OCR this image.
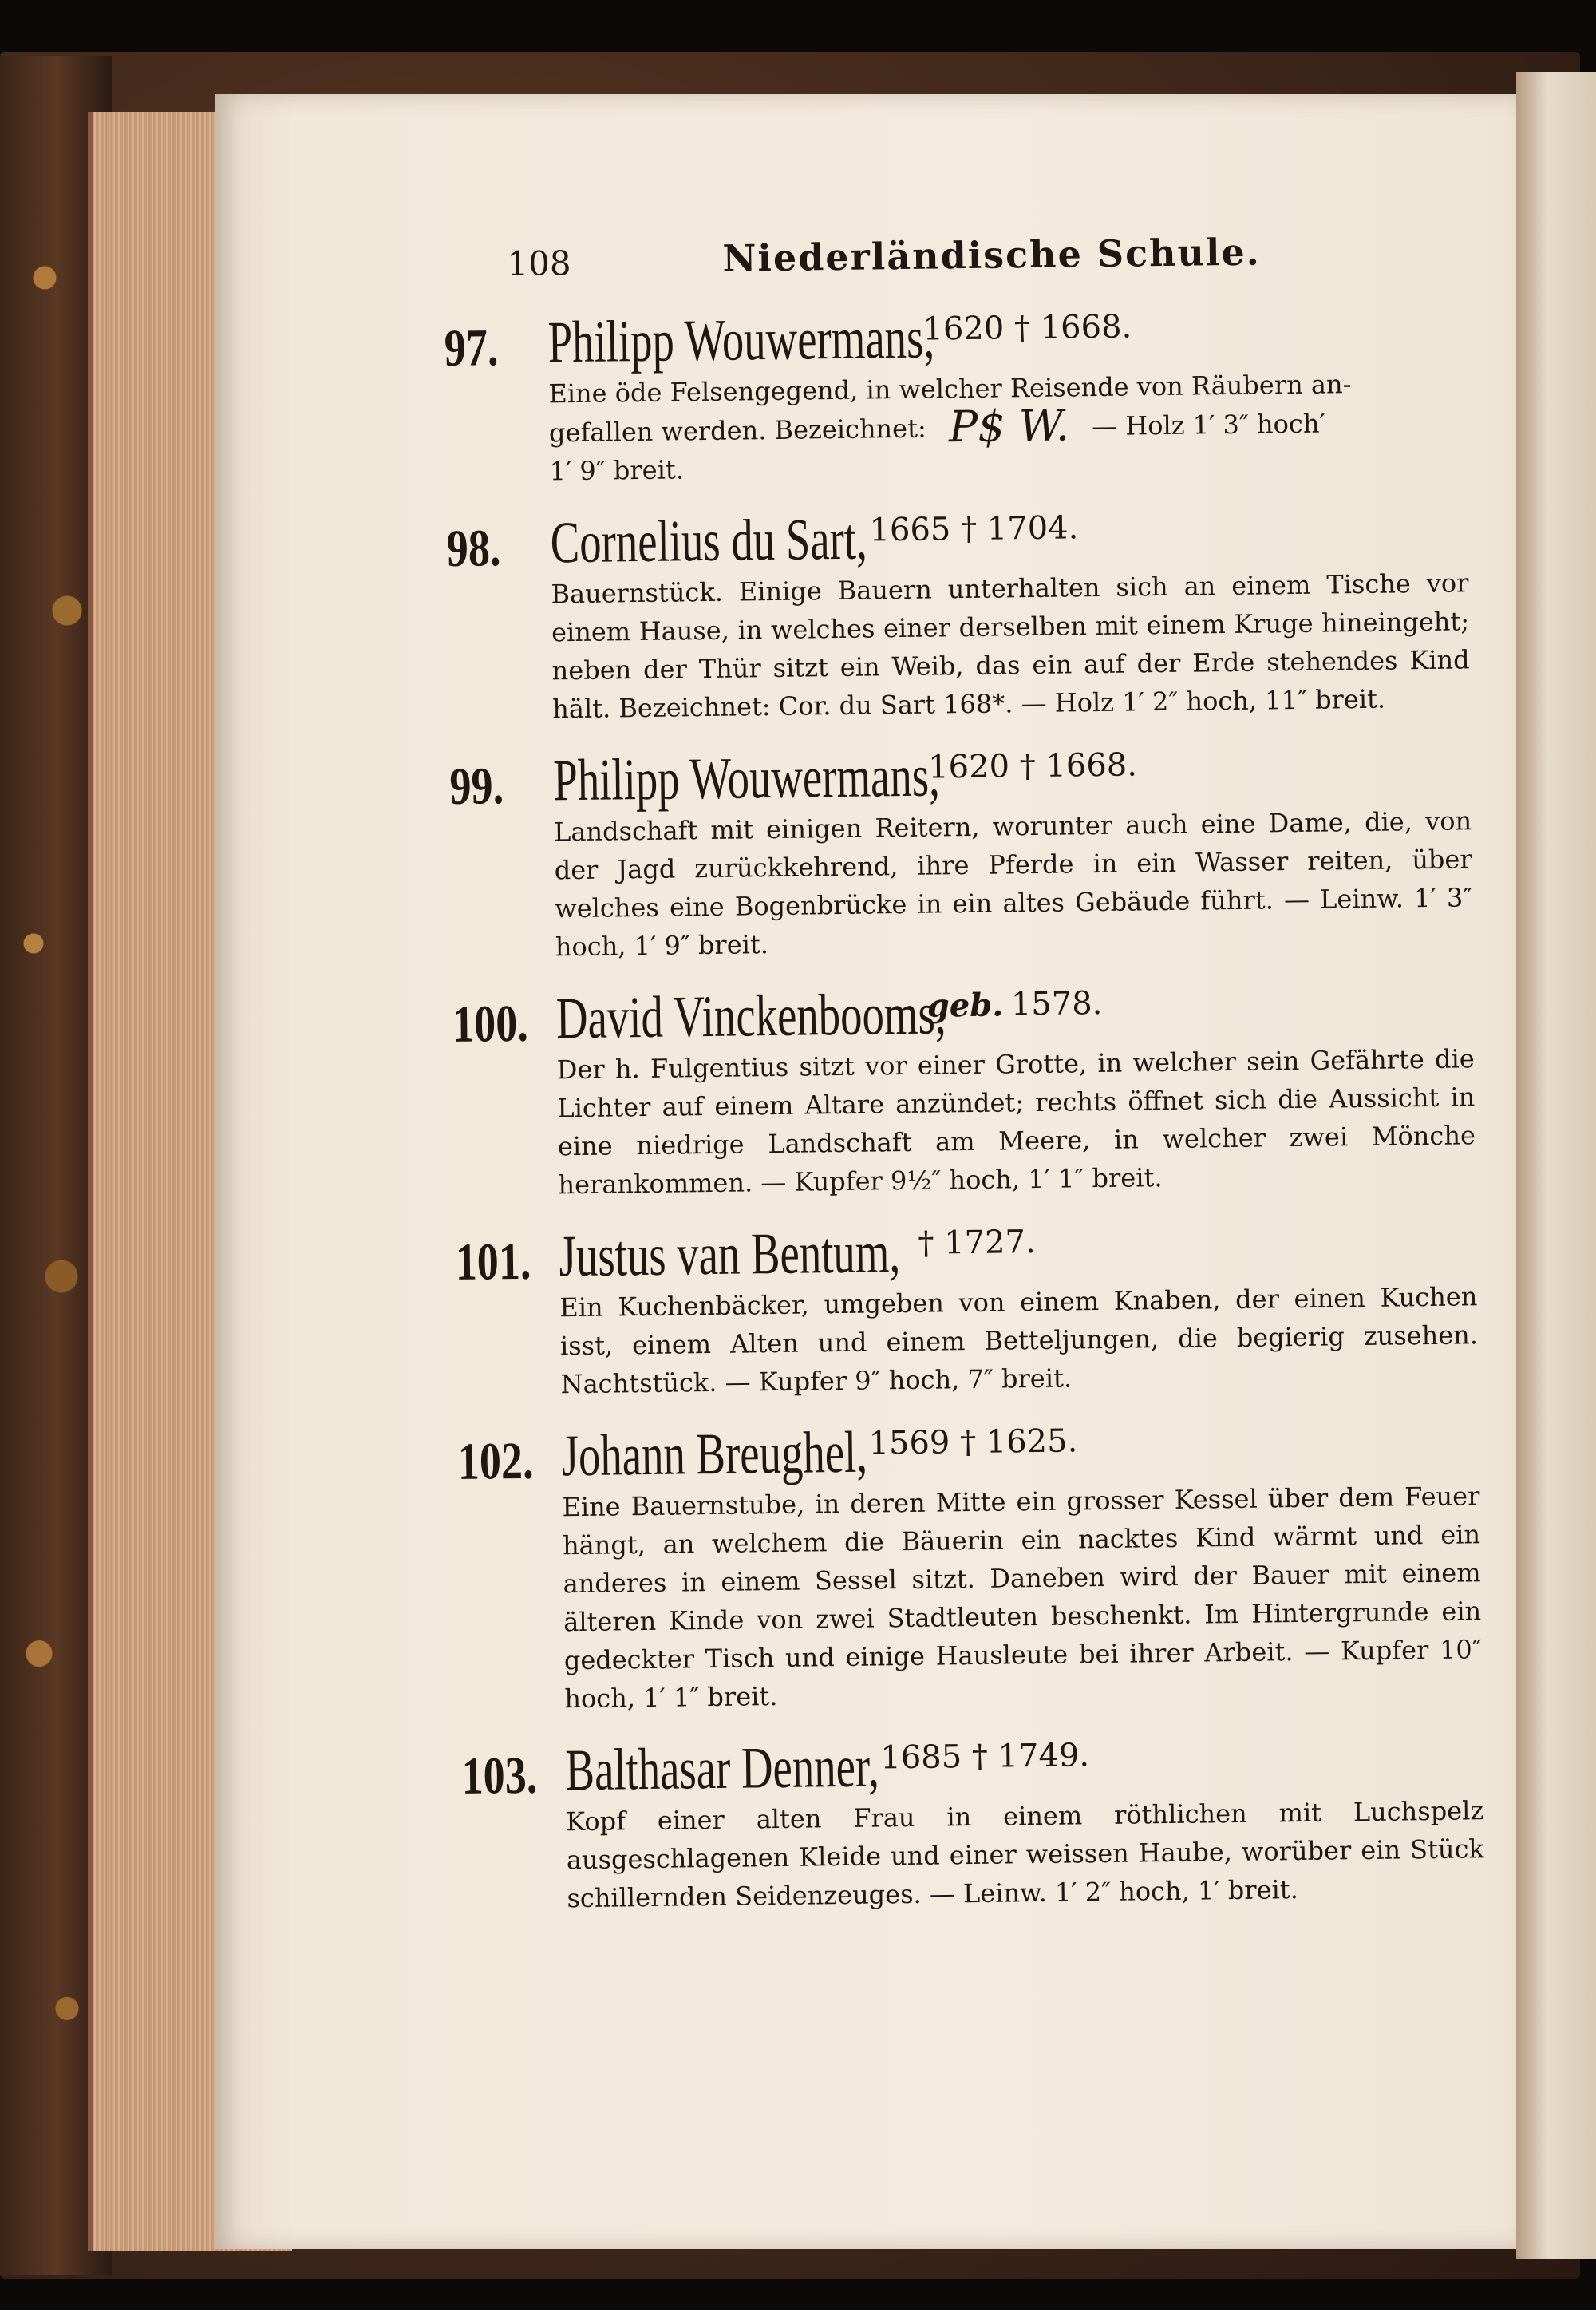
108	Niederländische Schule.
97. Philipp Wouwermans,
1620 † 1668.
Eine öde Felsengegend, in welcher Reisende von Räubern an-
gefallen werden. Bezeichnet: P$ W. — Holz 1′ 3″ hoch′
1′ 9″ breit.
98. Cornelius du Sart, 1665 † 1704.
Bauernstück. Einige Bauern unterhalten sich an einem Tische vor einem Hause, in welches einer derselben mit einem Kruge hineingeht; neben der Thür sitzt ein Weib, das ein auf der Erde stehendes Kind hält. Bezeichnet: Cor. du Sart 168*. — Holz 1′ 2″ hoch, 11″ breit.
99. Philipp Wouwermans,
1620 † 1668.
Landschaft mit einigen Reitern, worunter auch eine Dame, die, von der Jagd zurückkehrend, ihre Pferde in ein Wasser reiten, über welches eine Bogenbrücke in ein altes Gebäude führt. — Leinw. 1′ 3″ hoch, 1′ 9″ breit.
100. David Vinckenbooms,
geb. 1578.
Der h. Fulgentius sitzt vor einer Grotte, in welcher sein Gefährte die Lichter auf einem Altare anzündet; rechts öffnet sich die Aussicht in eine niedrige Landschaft am Meere, in welcher zwei Mönche herankommen. — Kupfer 9½″ hoch, 1′ 1″ breit.
101. Justus van Bentum, † 1727.
Ein Kuchenbäcker, umgeben von einem Knaben, der einen Kuchen isst, einem Alten und einem Betteljungen, die begierig zusehen. Nachtstück. — Kupfer 9″ hoch, 7″ breit.
102. Johann Breughel, 1569 † 1625.
Eine Bauernstube, in deren Mitte ein grosser Kessel über dem Feuer hängt, an welchem die Bäuerin ein nacktes Kind wärmt und ein anderes in einem Sessel sitzt. Daneben wird der Bauer mit einem älteren Kinde von zwei Stadtleuten beschenkt. Im Hintergrunde ein gedeckter Tisch und einige Hausleute bei ihrer Arbeit. — Kupfer 10″ hoch, 1′ 1″ breit.
103. Balthasar Denner, 1685 † 1749.
Kopf einer alten Frau in einem röthlichen mit Luchspelz ausgeschlagenen Kleide und einer weissen Haube, worüber ein Stück schillernden Seidenzeuges. — Leinw. 1′ 2″ hoch, 1′ breit.
